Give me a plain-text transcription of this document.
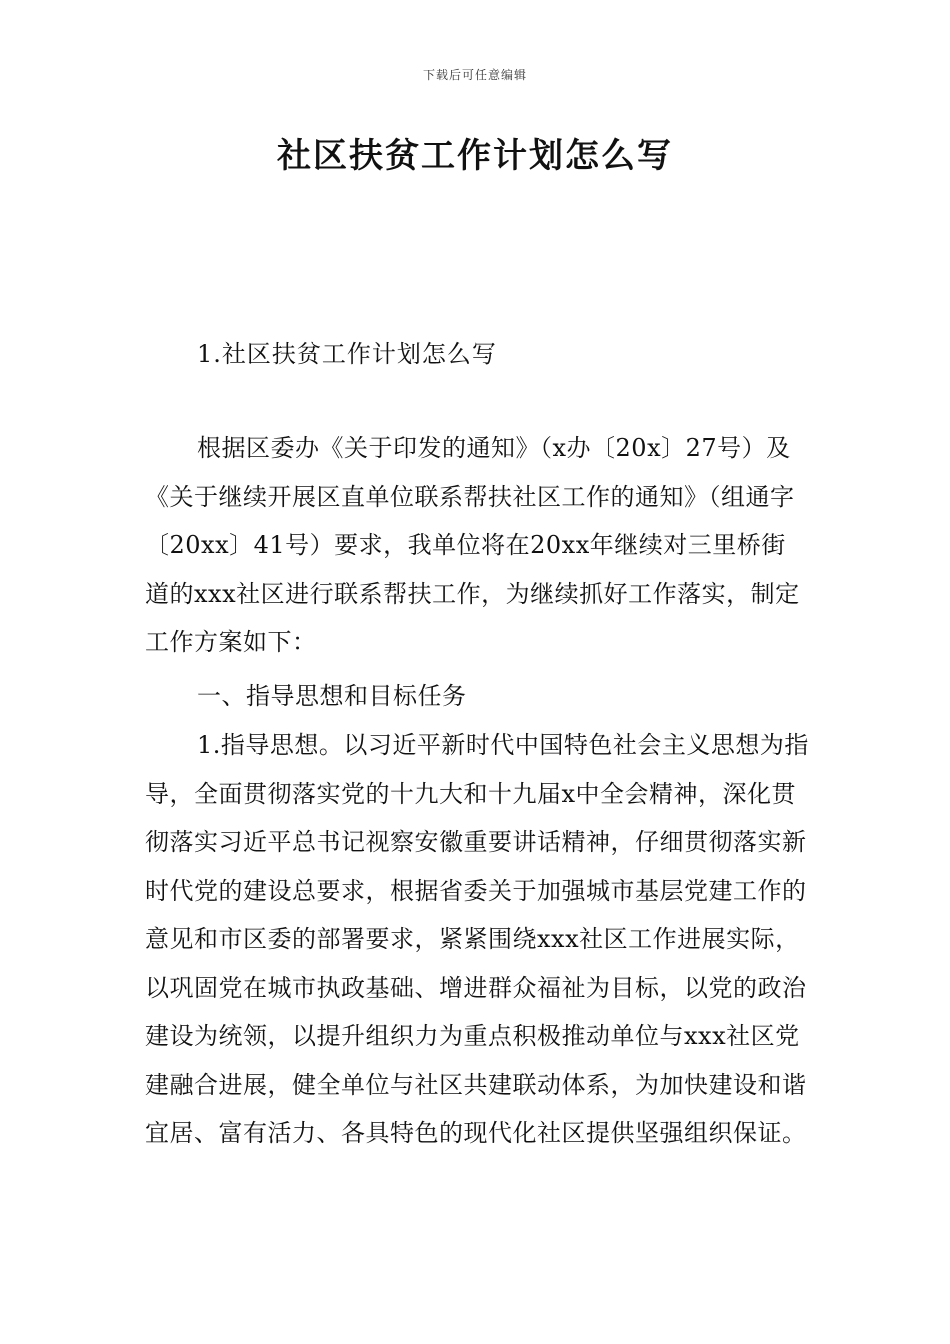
下载后可任意编辑
社区扶贫工作计划怎么写
1.社区扶贫工作计划怎么写

根据区委办《关于印发的通知》（x办〔20x〕27号）及《关于继续开展区直单位联系帮扶社区工作的通知》（组通字〔20xx〕41号）要求，我单位将在20xx年继续对三里桥街道的xxx社区进行联系帮扶工作，为继续抓好工作落实，制定工作方案如下：

一、指导思想和目标任务

1.指导思想。以习近平新时代中国特色社会主义思想为指导，全面贯彻落实党的十九大和十九届x中全会精神，深化贯彻落实习近平总书记视察安徽重要讲话精神，仔细贯彻落实新时代党的建设总要求，根据省委关于加强城市基层党建工作的意见和市区委的部署要求，紧紧围绕xxx社区工作进展实际，以巩固党在城市执政基础、增进群众福祉为目标，以党的政治建设为统领，以提升组织力为重点积极推动单位与xxx社区党建融合进展，健全单位与社区共建联动体系，为加快建设和谐宜居、富有活力、各具特色的现代化社区提供坚强组织保证。
